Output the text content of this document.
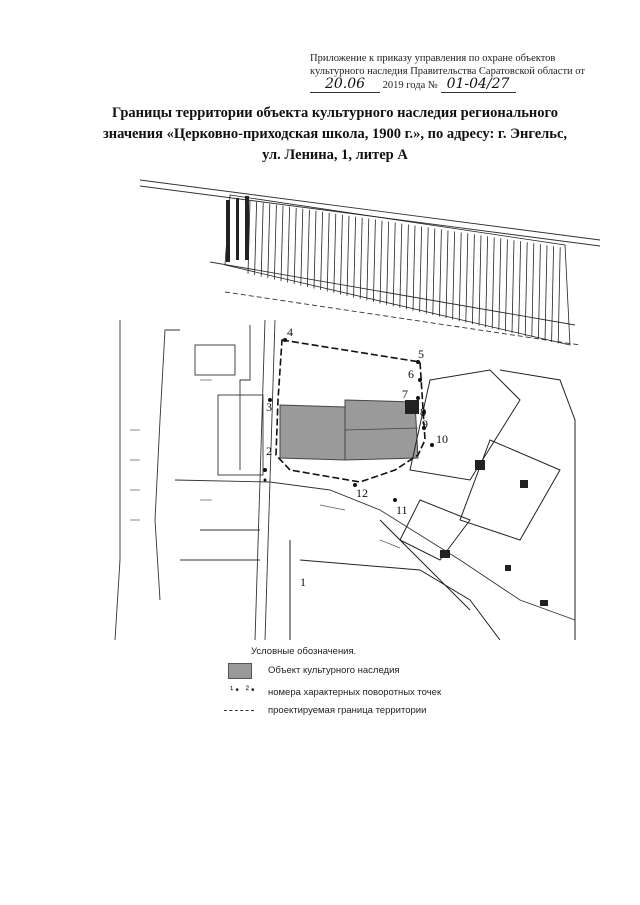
Приложение к приказу управления по охране объектов
культурного наследия Правительства Саратовской области от
20.06 2019 года № 01-04/27
Границы территории объекта культурного наследия регионального
значения «Церковно-приходская школа, 1900 г.», по адресу: г. Энгельс,
ул. Ленина, 1, литер А
2
3
4
5
6
7
8
9
10
11
12
1
Условные обозначения.
Объект культурного наследия
¹• ²• номера характерных поворотных точек
проектируемая граница территории
